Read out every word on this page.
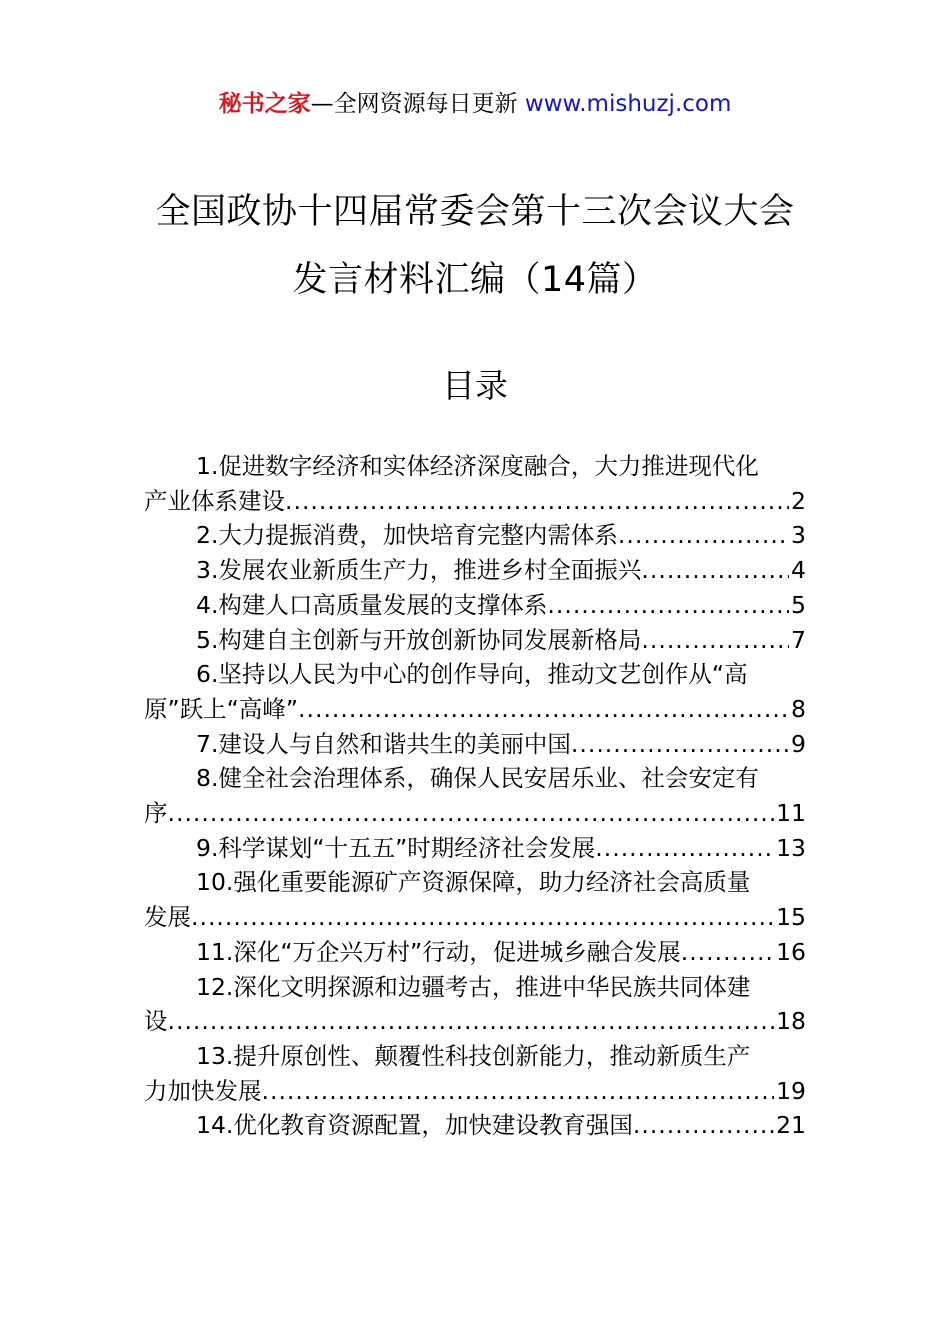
秘书之家—全网资源每日更新 www.mishuzj.com
全国政协十四届常委会第十三次会议大会
发言材料汇编（14篇）
目录
1.促进数字经济和实体经济深度融合，大力推进现代化
产业体系建设 .....	2
2.大力提振消费，加快培育完整内需体系 .....	3
3.发展农业新质生产力，推进乡村全面振兴 .....	4
4.构建人口高质量发展的支撑体系 .....	5
5.构建自主创新与开放创新协同发展新格局 .....	7
6.坚持以人民为中心的创作导向，推动文艺创作从“高
原”跃上“高峰” .....	8
7.建设人与自然和谐共生的美丽中国 .....	9
8.健全社会治理体系，确保人民安居乐业、社会安定有
序 .....	11
9.科学谋划“十五五”时期经济社会发展 .....	13
10.强化重要能源矿产资源保障，助力经济社会高质量
发展 .....	15
11.深化“万企兴万村”行动，促进城乡融合发展 .....	16
12.深化文明探源和边疆考古，推进中华民族共同体建
设 .....	18
13.提升原创性、颠覆性科技创新能力，推动新质生产
力加快发展 .....	19
14.优化教育资源配置，加快建设教育强国 .....	21
